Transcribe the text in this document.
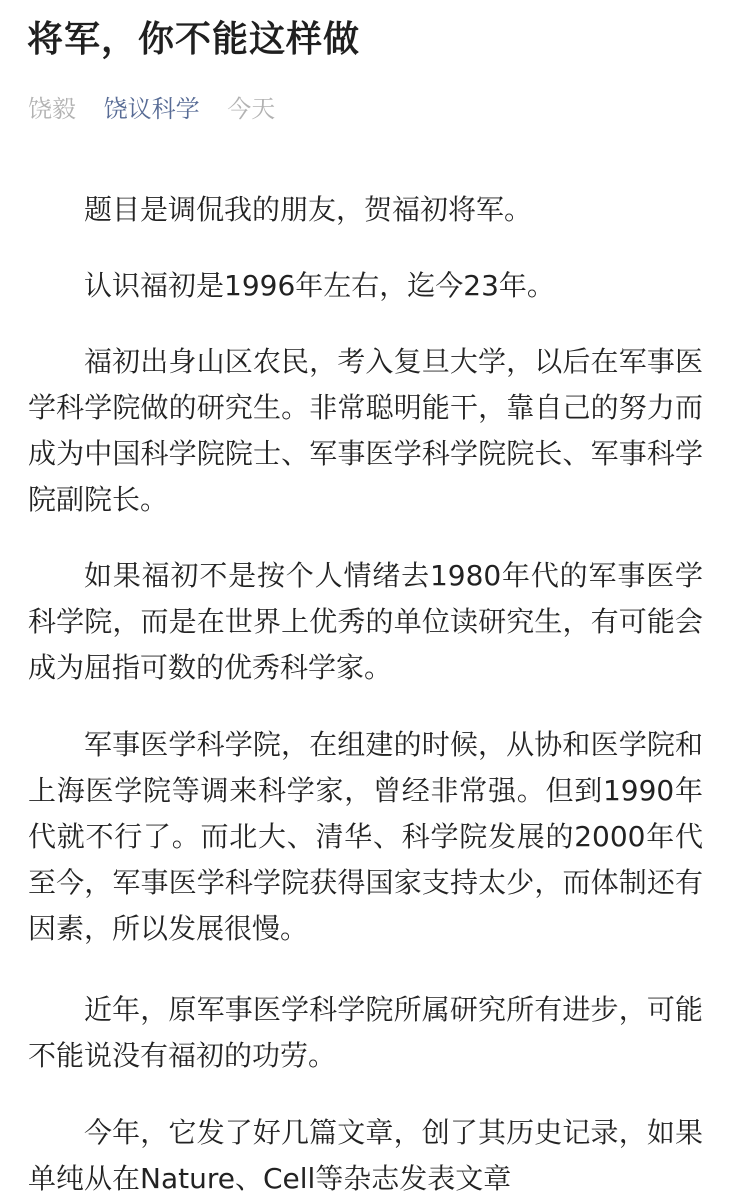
将军，你不能这样做
饶毅 饶议科学 今天

题目是调侃我的朋友，贺福初将军。

认识福初是1996年左右，迄今23年。

福初出身山区农民，考入复旦大学，以后在军事医学科学院做的研究生。非常聪明能干，靠自己的努力而成为中国科学院院士、军事医学科学院院长、军事科学院副院长。

如果福初不是按个人情绪去1980年代的军事医学科学院，而是在世界上优秀的单位读研究生，有可能会成为屈指可数的优秀科学家。

军事医学科学院，在组建的时候，从协和医学院和上海医学院等调来科学家，曾经非常强。但到1990年代就不行了。而北大、清华、科学院发展的2000年代至今，军事医学科学院获得国家支持太少，而体制还有因素，所以发展很慢。

近年，原军事医学科学院所属研究所有进步，可能不能说没有福初的功劳。

今年，它发了好几篇文章，创了其历史记录，如果单纯从在Nature、Cell等杂志发表文章
